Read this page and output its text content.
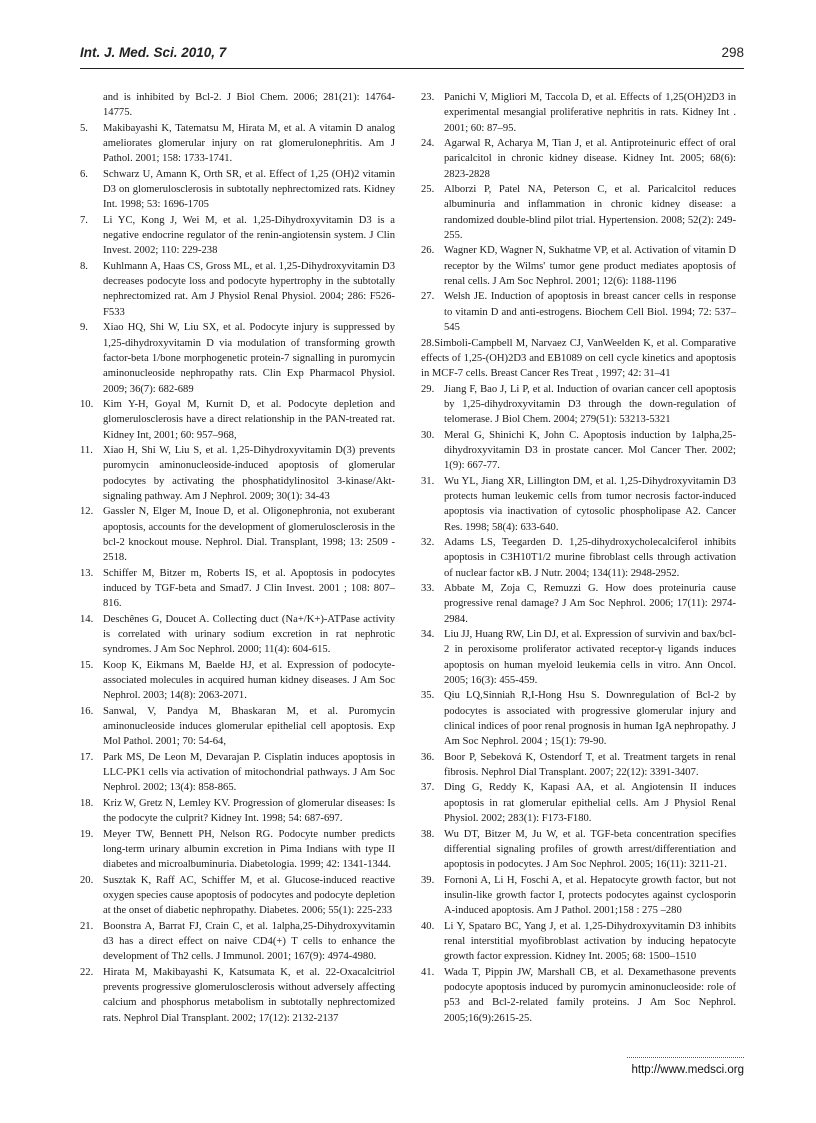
Int. J. Med. Sci. 2010, 7	298
and is inhibited by Bcl-2. J Biol Chem. 2006; 281(21): 14764-14775.
5. Makibayashi K, Tatematsu M, Hirata M, et al. A vitamin D analog ameliorates glomerular injury on rat glomerulonephritis. Am J Pathol. 2001; 158: 1733-1741.
6. Schwarz U, Amann K, Orth SR, et al. Effect of 1,25 (OH)2 vitamin D3 on glomerulosclerosis in subtotally nephrectomized rats. Kidney Int. 1998; 53: 1696-1705
7. Li YC, Kong J, Wei M, et al. 1,25-Dihydroxyvitamin D3 is a negative endocrine regulator of the renin-angiotensin system. J Clin Invest. 2002; 110: 229-238
8. Kuhlmann A, Haas CS, Gross ML, et al. 1,25-Dihydroxyvitamin D3 decreases podocyte loss and podocyte hypertrophy in the subtotally nephrectomized rat. Am J Physiol Renal Physiol. 2004; 286: F526-F533
9. Xiao HQ, Shi W, Liu SX, et al. Podocyte injury is suppressed by 1,25-dihydroxyvitamin D via modulation of transforming growth factor-beta 1/bone morphogenetic protein-7 signalling in puromycin aminonucleoside nephropathy rats. Clin Exp Pharmacol Physiol. 2009; 36(7): 682-689
10. Kim Y-H, Goyal M, Kurnit D, et al. Podocyte depletion and glomerulosclerosis have a direct relationship in the PAN-treated rat. Kidney Int, 2001; 60: 957–968,
11. Xiao H, Shi W, Liu S, et al. 1,25-Dihydroxyvitamin D(3) prevents puromycin aminonucleoside-induced apoptosis of glomerular podocytes by activating the phosphatidylinositol 3-kinase/Akt-signaling pathway. Am J Nephrol. 2009; 30(1): 34-43
12. Gassler N, Elger M, Inoue D, et al. Oligonephronia, not exuberant apoptosis, accounts for the development of glomerulosclerosis in the bcl-2 knockout mouse. Nephrol. Dial. Transplant, 1998; 13: 2509 - 2518.
13. Schiffer M, Bitzer m, Roberts IS, et al. Apoptosis in podocytes induced by TGF-beta and Smad7. J Clin Invest. 2001 ; 108: 807–816.
14. Deschênes G, Doucet A. Collecting duct (Na+/K+)-ATPase activity is correlated with urinary sodium excretion in rat nephrotic syndromes. J Am Soc Nephrol. 2000; 11(4): 604-615.
15. Koop K, Eikmans M, Baelde HJ, et al. Expression of podocyte-associated molecules in acquired human kidney diseases. J Am Soc Nephrol. 2003; 14(8): 2063-2071.
16. Sanwal, V, Pandya M, Bhaskaran M, et al. Puromycin aminonucleoside induces glomerular epithelial cell apoptosis. Exp Mol Pathol. 2001; 70: 54-64,
17. Park MS, De Leon M, Devarajan P. Cisplatin induces apoptosis in LLC-PK1 cells via activation of mitochondrial pathways. J Am Soc Nephrol. 2002; 13(4): 858-865.
18. Kriz W, Gretz N, Lemley KV. Progression of glomerular diseases: Is the podocyte the culprit? Kidney Int. 1998; 54: 687-697.
19. Meyer TW, Bennett PH, Nelson RG. Podocyte number predicts long-term urinary albumin excretion in Pima Indians with type II diabetes and microalbuminuria. Diabetologia. 1999; 42: 1341-1344.
20. Susztak K, Raff AC, Schiffer M, et al. Glucose-induced reactive oxygen species cause apoptosis of podocytes and podocyte depletion at the onset of diabetic nephropathy. Diabetes. 2006; 55(1): 225-233
21. Boonstra A, Barrat FJ, Crain C, et al. 1alpha,25-Dihydroxyvitamin d3 has a direct effect on naive CD4(+) T cells to enhance the development of Th2 cells. J Immunol. 2001; 167(9): 4974-4980.
22. Hirata M, Makibayashi K, Katsumata K, et al. 22-Oxacalcitriol prevents progressive glomerulosclerosis without adversely affecting calcium and phosphorus metabolism in subtotally nephrectomized rats. Nephrol Dial Transplant. 2002; 17(12): 2132-2137
23. Panichi V, Migliori M, Taccola D, et al. Effects of 1,25(OH)2D3 in experimental mesangial proliferative nephritis in rats. Kidney Int . 2001; 60: 87–95.
24. Agarwal R, Acharya M, Tian J, et al. Antiproteinuric effect of oral paricalcitol in chronic kidney disease. Kidney Int. 2005; 68(6): 2823-2828
25. Alborzi P, Patel NA, Peterson C, et al. Paricalcitol reduces albuminuria and inflammation in chronic kidney disease: a randomized double-blind pilot trial. Hypertension. 2008; 52(2): 249-255.
26. Wagner KD, Wagner N, Sukhatme VP, et al. Activation of vitamin D receptor by the Wilms' tumor gene product mediates apoptosis of renal cells. J Am Soc Nephrol. 2001; 12(6): 1188-1196
27. Welsh JE. Induction of apoptosis in breast cancer cells in response to vitamin D and anti-estrogens. Biochem Cell Biol. 1994; 72: 537–545
28.Simboli-Campbell M, Narvaez CJ, VanWeelden K, et al. Comparative effects of 1,25-(OH)2D3 and EB1089 on cell cycle kinetics and apoptosis in MCF-7 cells. Breast Cancer Res Treat , 1997; 42: 31–41
29. Jiang F, Bao J, Li P, et al. Induction of ovarian cancer cell apoptosis by 1,25-dihydroxyvitamin D3 through the down-regulation of telomerase. J Biol Chem. 2004; 279(51): 53213-5321
30. Meral G, Shinichi K, John C. Apoptosis induction by 1alpha,25-dihydroxyvitamin D3 in prostate cancer. Mol Cancer Ther. 2002; 1(9): 667-77.
31. Wu YL, Jiang XR, Lillington DM, et al. 1,25-Dihydroxyvitamin D3 protects human leukemic cells from tumor necrosis factor-induced apoptosis via inactivation of cytosolic phospholipase A2. Cancer Res. 1998; 58(4): 633-640.
32. Adams LS, Teegarden D. 1,25-dihydroxycholecalciferol inhibits apoptosis in C3H10T1/2 murine fibroblast cells through activation of nuclear factor κB. J Nutr. 2004; 134(11): 2948-2952.
33. Abbate M, Zoja C, Remuzzi G. How does proteinuria cause progressive renal damage? J Am Soc Nephrol. 2006; 17(11): 2974-2984.
34. Liu JJ, Huang RW, Lin DJ, et al. Expression of survivin and bax/bcl-2 in peroxisome proliferator activated receptor-γ ligands induces apoptosis on human myeloid leukemia cells in vitro. Ann Oncol. 2005; 16(3): 455-459.
35. Qiu LQ,Sinniah R,I-Hong Hsu S. Downregulation of Bcl-2 by podocytes is associated with progressive glomerular injury and clinical indices of poor renal prognosis in human IgA nephropathy. J Am Soc Nephrol. 2004 ; 15(1): 79-90.
36. Boor P, Sebeková K, Ostendorf T, et al. Treatment targets in renal fibrosis. Nephrol Dial Transplant. 2007; 22(12): 3391-3407.
37. Ding G, Reddy K, Kapasi AA, et al. Angiotensin II induces apoptosis in rat glomerular epithelial cells. Am J Physiol Renal Physiol. 2002; 283(1): F173-F180.
38. Wu DT, Bitzer M, Ju W, et al. TGF-beta concentration specifies differential signaling profiles of growth arrest/differentiation and apoptosis in podocytes. J Am Soc Nephrol. 2005; 16(11): 3211-21.
39. Fornoni A, Li H, Foschi A, et al. Hepatocyte growth factor, but not insulin-like growth factor I, protects podocytes against cyclosporin A-induced apoptosis. Am J Pathol. 2001;158 : 275 –280
40. Li Y, Spataro BC, Yang J, et al. 1,25-Dihydroxyvitamin D3 inhibits renal interstitial myofibroblast activation by inducing hepatocyte growth factor expression. Kidney Int. 2005; 68: 1500–1510
41. Wada T, Pippin JW, Marshall CB, et al. Dexamethasone prevents podocyte apoptosis induced by puromycin aminonucleoside: role of p53 and Bcl-2-related family proteins. J Am Soc Nephrol. 2005;16(9):2615-25.
http://www.medsci.org
